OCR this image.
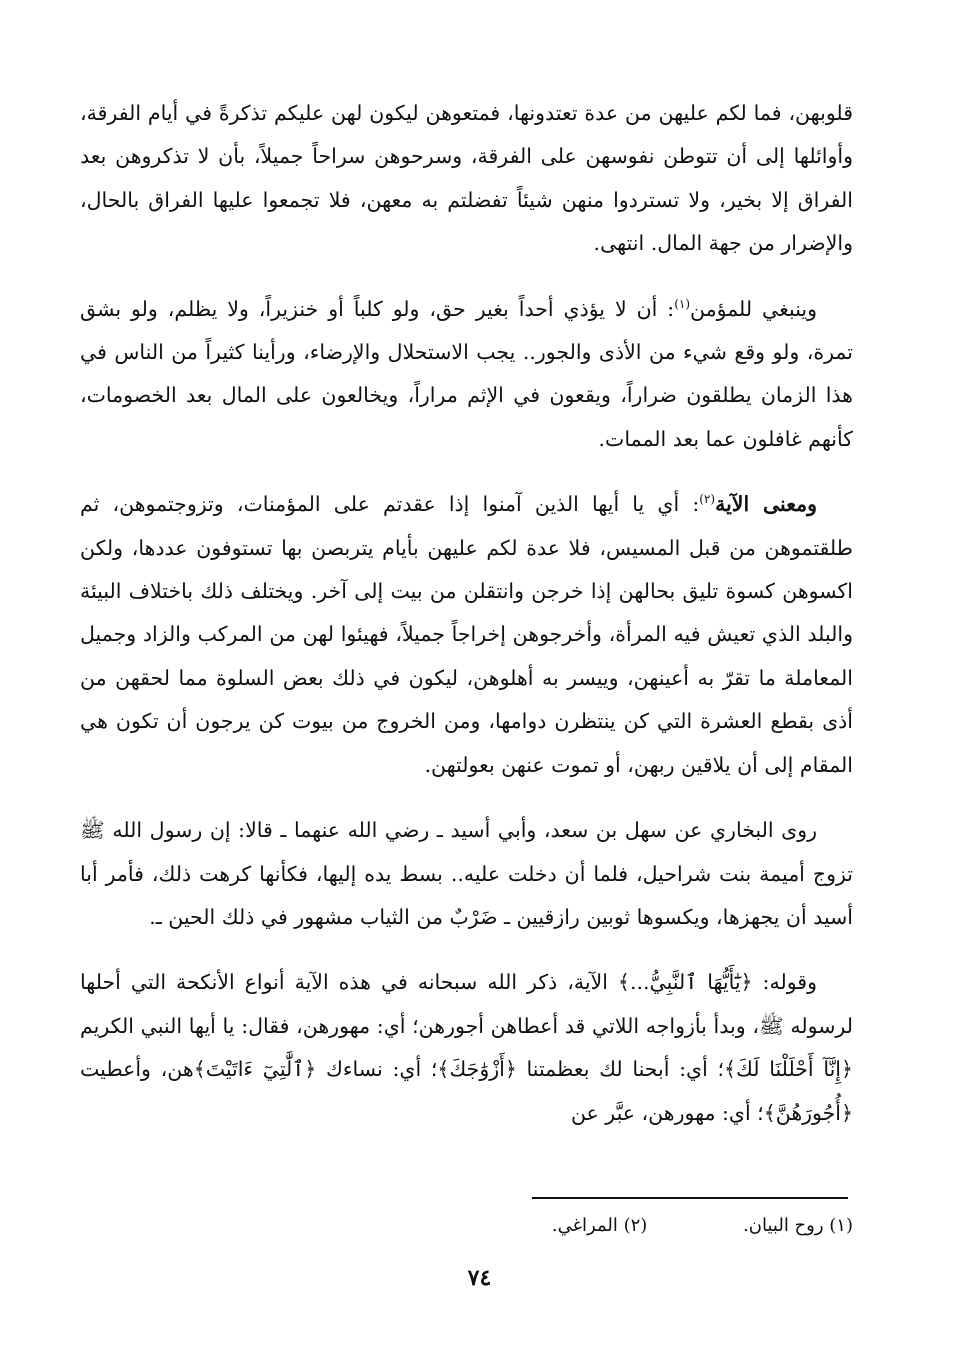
قلوبهن، فما لكم عليهن من عدة تعتدونها، فمتعوهن ليكون لهن عليكم تذكرةً في أيام الفرقة، وأوائلها إلى أن تتوطن نفوسهن على الفرقة، وسرحوهن سراحاً جميلاً، بأن لا تذكروهن بعد الفراق إلا بخير، ولا تستردوا منهن شيئاً تفضلتم به معهن، فلا تجمعوا عليها الفراق بالحال، والإضرار من جهة المال. انتهى.

وينبغي للمؤمن$^{(١)}$: أن لا يؤذي أحداً بغير حق، ولو كلباً أو خنزيراً، ولا يظلم، ولو بشق تمرة، ولو وقع شيء من الأذى والجور.. يجب الاستحلال والإرضاء، ورأينا كثيراً من الناس في هذا الزمان يطلقون ضراراً، ويقعون في الإثم مراراً، ويخالعون على المال بعد الخصومات، كأنهم غافلون عما بعد الممات.

ومعنى الآية$^{(٢)}$: أي يا أيها الذين آمنوا إذا عقدتم على المؤمنات، وتزوجتموهن، ثم طلقتموهن من قبل المسيس، فلا عدة لكم عليهن بأيام يتربصن بها تستوفون عددها، ولكن اكسوهن كسوة تليق بحالهن إذا خرجن وانتقلن من بيت إلى آخر. ويختلف ذلك باختلاف البيئة والبلد الذي تعيش فيه المرأة، وأخرجوهن إخراجاً جميلاً، فهيئوا لهن من المركب والزاد وجميل المعاملة ما تقرّ به أعينهن، وييسر به أهلوهن، ليكون في ذلك بعض السلوة مما لحقهن من أذى بقطع العشرة التي كن ينتظرن دوامها، ومن الخروج من بيوت كن يرجون أن تكون هي المقام إلى أن يلاقين ربهن، أو تموت عنهن بعولتهن.

روى البخاري عن سهل بن سعد، وأبي أسيد ـ رضي الله عنهما ـ قالا: إن رسول الله ﷺ تزوج أميمة بنت شراحيل، فلما أن دخلت عليه.. بسط يده إليها، فكأنها كرهت ذلك، فأمر أبا أسيد أن يجهزها، ويكسوها ثوبين رازقيين ـ ضَرْبٌ من الثياب مشهور في ذلك الحين ـ.

وقوله: ﴿يَٰٓأَيُّهَا ٱلنَّبِيُّ...﴾ الآية، ذكر الله سبحانه في هذه الآية أنواع الأنكحة التي أحلها لرسوله ﷺ، وبدأ بأزواجه اللاتي قد أعطاهن أجورهن؛ أي: مهورهن، فقال: يا أيها النبي الكريم ﴿إِنَّآ أَحْلَلْنَا لَكَ﴾؛ أي: أبحنا لك بعظمتنا ﴿أَزْوَٰجَكَ﴾؛ أي: نساءك ﴿ٱلَّٰتِيٓ ءَاتَيْتَ﴾هن، وأعطيت ﴿أُجُورَهُنَّ﴾؛ أي: مهورهن، عبَّر عن

(١) روح البيان. (٢) المراغي.
٧٤
